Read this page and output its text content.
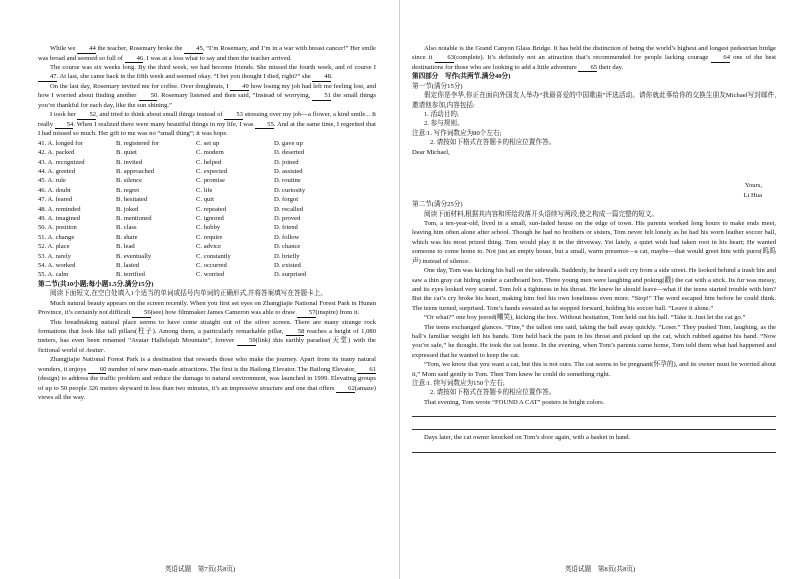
While we 44 the teacher, Rosemary broke the 45, “I’m Rosemary, and I’m in a war with breast cancer!” Her smile was broad and seemed so full of 46. I was at a loss what to say and then the teacher arrived.

The course was six weeks long. By the third week, we had become friends. She missed the fourth week, and of course I 47. At last, she came back in the fifth week and seemed okay. “I bet you thought I died, right?” she 48.

On the last day, Rosemary invited me for coffee. Over doughnuts, I 49 how losing my job had left me feeling lost, and how I worried about finding another 50. Rosemary listened and then said, “Instead of worrying, 51 the small things you’re thankful for each day, like the sun shining.”

I took her 52, and tried to think about small things instead of 53 stressing over my job—a flower, a kind smile... It really 54. When I realized there were many beautiful things in my life, I was 55. And at the same time, I regretted that I had missed so much. Her gift to me was no “small thing”; it was hope.

41. A. longed for	B. registered for	C. set up	D. gave up
42. A. packed	B. quiet	C. modern	D. deserted
43. A. recognized	B. invited	C. helped	D. joined
44. A. greeted	B. approached	C. expected	D. assisted
45. A. rule	B. silence	C. promise	D. routine
46. A. doubt	B. regret	C. life	D. curiosity
47. A. feared	B. hesitated	C. quit	D. forgot
48. A. reminded	B. joked	C. repeated	D. recalled
49. A. imagined	B. mentioned	C. ignored	D. proved
50. A. position	B. class	C. hobby	D. friend
51. A. change	B. share	C. require	D. follow
52. A. place	B. lead	C. advice	D. chance
53. A. rarely	B. eventually	C. constantly	D. briefly
54. A. worked	B. lasted	C. occurred	D. existed
55. A. calm	B. terrified	C. worried	D. surprised

第二节(共10小题;每小题1.5分,满分15分)

阅读下面短文,在空白处填入1个适当的单词或括号内单词的正确形式,并将答案填写在答题卡上。

Much natural beauty appears on the screen recently. When you first set eyes on Zhangjiajie National Forest Park in Hunan Province, it’s certainly not difficult 56(see) how filmmaker James Cameron was able to draw 57(inspire) from it.

This breathtaking natural place seems to have come straight out of the silver screen. There are many strange rock formations that look like tall pillars(柱子). Among them, a particularly remarkable pillar, 58 reaches a height of 1,080 meters, has even been renamed “Avatar Hallelujah Mountain”, forever 59(link) this earthly paradise(天堂) with the fictional world of Avatar.

Zhangjiajie National Forest Park is a destination that rewards those who make the journey. Apart from its many natural wonders, it enjoys 60 number of new man-made attractions. The first is the Bailong Elevator. The Bailong Elevator, 61(design) to address the traffic problem and reduce the damage to natural environment, was launched in 1999. Elevating groups of up to 50 people 326 meters skyward in less than two minutes, it’s an impressive structure and one that offers 62(amaze) views all the way.

英语试题　第7页(共8页)

Also notable is the Grand Canyon Glass Bridge. It has held the distinction of being the world’s highest and longest pedestrian bridge since it 63(complete). It’s definitely not an attraction that’s recommended for people lacking courage 64 one of the best destinations for those who are looking to add a little adventure 65 their day.

第四部分　写作(共两节,满分40分)

第一节(满分15分)

假定你是李华,你正在面向外国友人举办“我最喜爱的中国歌曲”评选活动。请你就此事给你的交换生朋友Michael写封邮件,邀请他参加,内容包括:

1. 活动目的;

2. 参与规则。

注意:1. 写作词数应为80个左右;

2. 请按如下格式在答题卡的相应位置作答。

Dear Michael,

Yours,
Li Hua

第二节(满分25分)

阅读下面材料,根据其内容和所给段落开头语续写两段,使之构成一篇完整的短文。

Tom, a ten-year-old, lived in a small, sun-faded house on the edge of town. His parents worked long hours to make ends meet, leaving him often alone after school. Though he had no brothers or sisters, Tom never felt lonely as he had his worn leather soccer ball, which was his most prized thing. Tom would play it in the driveway. Yet lately, a quiet wish had taken root in his heart; He wanted someone to come home to. Not just an empty house, but a small, warm presence—a cat, maybe—that would greet him with purrs(呜呜声) instead of silence.

One day, Tom was kicking his ball on the sidewalk. Suddenly, he heard a soft cry from a side street. He looked behind a trash bin and saw a thin gray cat hiding under a cardboard box. Three young men were laughing and poking(戳) the cat with a stick. Its fur was messy, and its eyes looked very scared. Tom felt a tightness in his throat. He knew he should leave—what if the teens started trouble with him? But the cat’s cry broke his heart, making him feel his own loneliness even more. “Stop!” The word escaped him before he could think. The teens turned, surprised. Tom’s hands sweated as he stepped forward, holding his soccer ball. “Leave it alone.”

“Or what?” one boy jeered(嘲笑), kicking the box. Without hesitation, Tom held out his ball. “Take it. Just let the cat go.”

The teens exchanged glances. “Fine,” the tallest one said, taking the ball away quickly. “Loser.” They pushed Tom, laughing, as the ball’s familiar weight left his hands. Tom held back the pain in his throat and picked up the cat, which rubbed against his hand. “Now you’re safe,” he thought. He took the cat home. In the evening, when Tom’s parents came home, Tom told them what had happened and expressed that he wanted to keep the cat.

“Tom, we know that you want a cat, but this is not ours. The cat seems to be pregnant(怀孕的), and its owner must be worried about it,” Mom said gently to Tom. Then Tom knew he could do something right.

注意:1. 续写词数应为150个左右;

2. 请按如下格式在答题卡的相应位置作答。

That evening, Tom wrote “FOUND A CAT” posters in bright colors.

Days later, the cat owner knocked on Tom’s door again, with a basket in hand.

英语试题　第8页(共8页)
